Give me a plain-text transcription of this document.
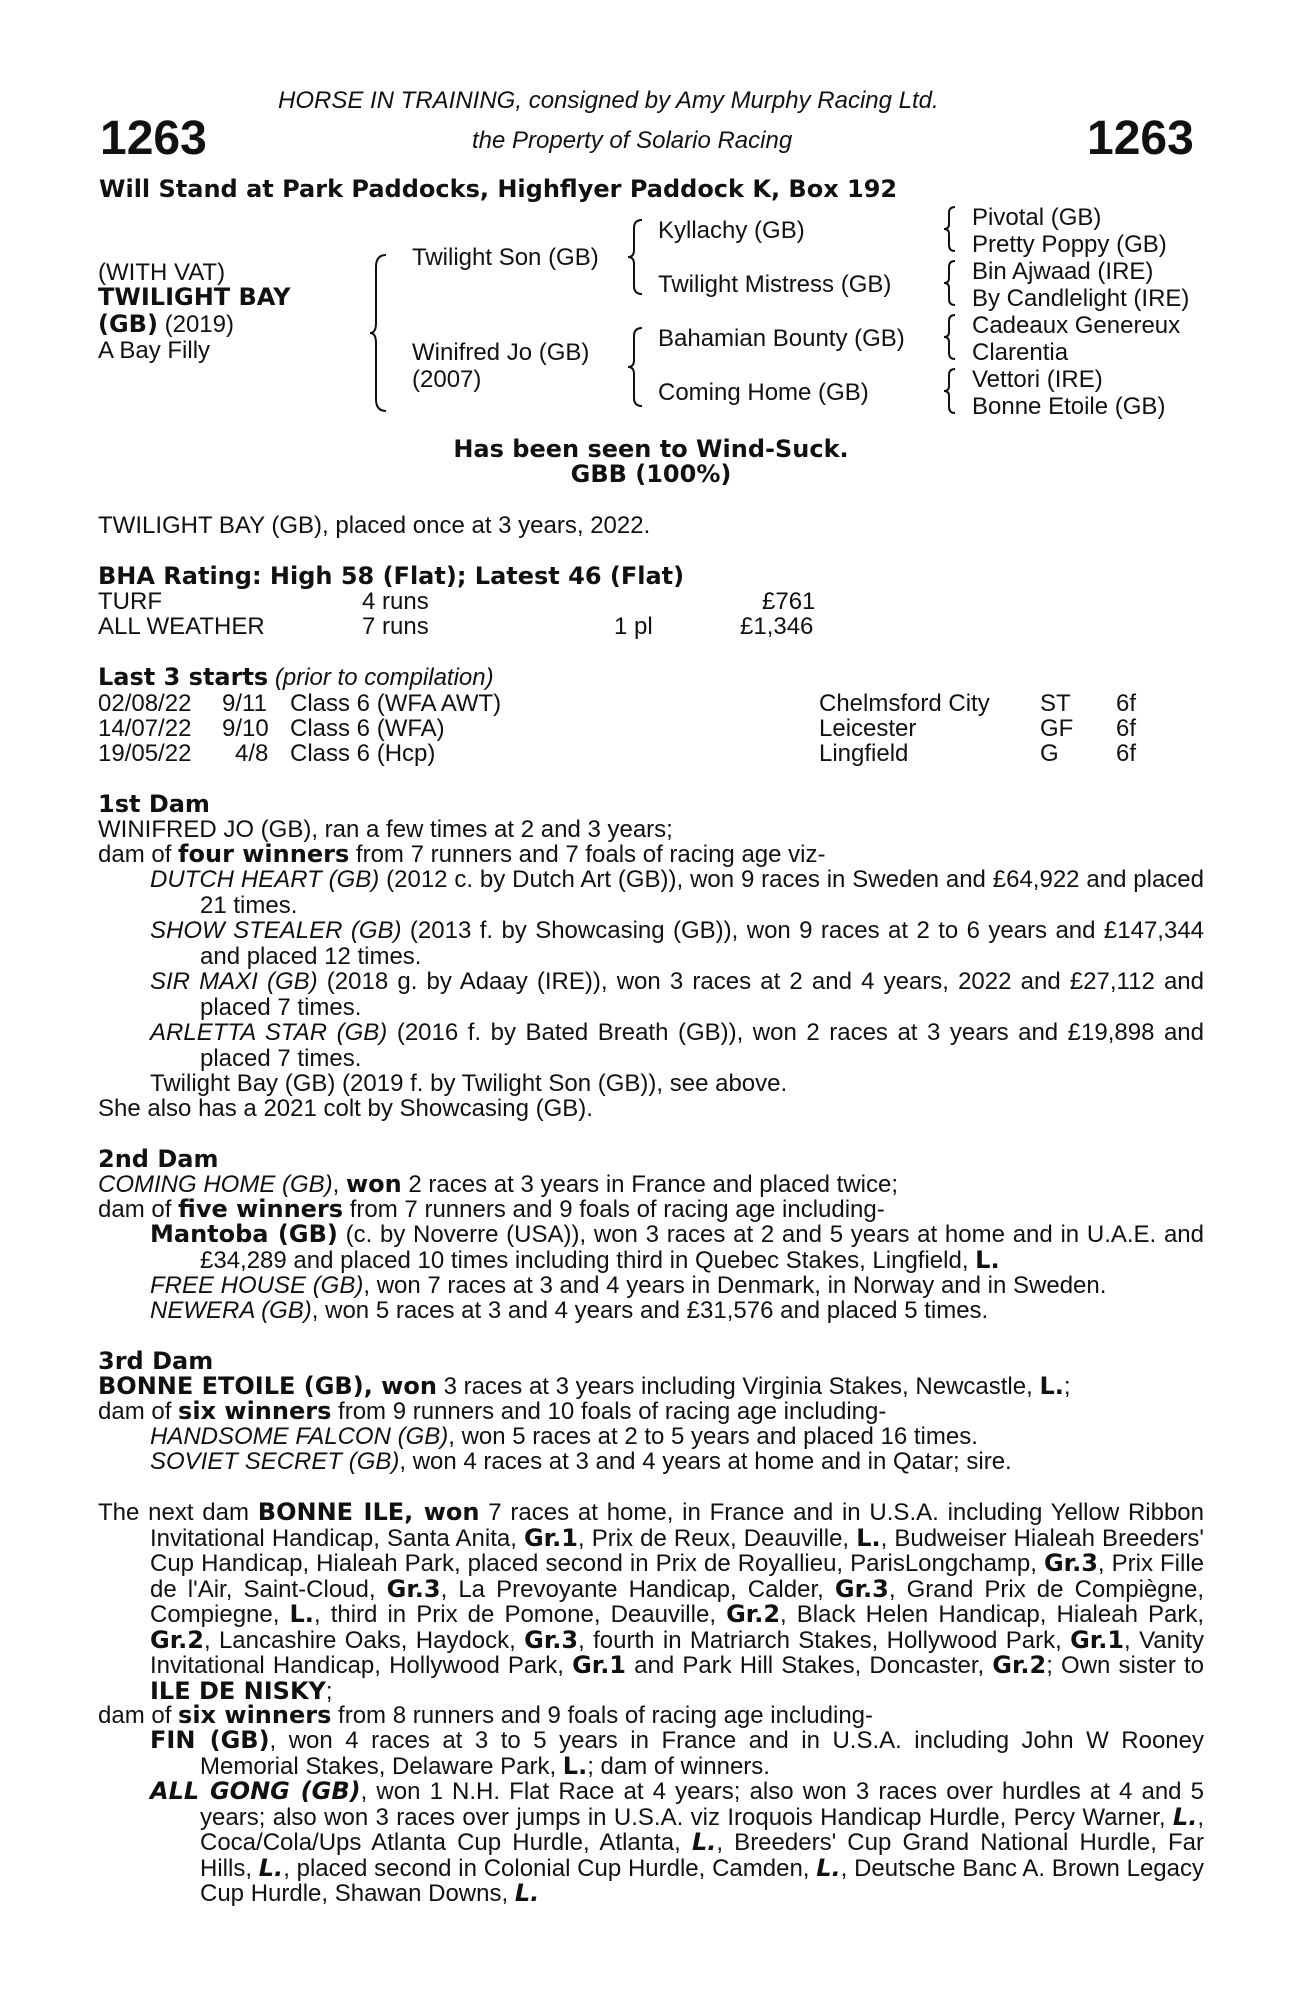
HORSE IN TRAINING, consigned by Amy Murphy Racing Ltd.
the Property of Solario Racing
1263	1263
Will Stand at Park Paddocks, Highflyer Paddock K, Box 192
(WITH VAT)
TWILIGHT BAY
(GB) (2019)
A Bay Filly
Twilight Son (GB)
Winifred Jo (GB)
(2007)
Kyllachy (GB)
Twilight Mistress (GB)
Bahamian Bounty (GB)
Coming Home (GB)
Pivotal (GB)
Pretty Poppy (GB)
Bin Ajwaad (IRE)
By Candlelight (IRE)
Cadeaux Genereux
Clarentia
Vettori (IRE)
Bonne Etoile (GB)
Has been seen to Wind-Suck.
GBB (100%)
TWILIGHT BAY (GB), placed once at 3 years, 2022.
BHA Rating: High 58 (Flat); Latest 46 (Flat)
TURF	4 runs	£761
ALL WEATHER	7 runs	1 pl	£1,346
Last 3 starts (prior to compilation)
02/08/22 9/11 Class 6 (WFA AWT)	Chelmsford City ST 6f
14/07/22 9/10 Class 6 (WFA)	Leicester	GF 6f
19/05/22 4/8 Class 6 (Hcp)	Lingfield	G 6f
1st Dam
WINIFRED JO (GB), ran a few times at 2 and 3 years;
dam of four winners from 7 runners and 7 foals of racing age viz-
DUTCH HEART (GB) (2012 c. by Dutch Art (GB)), won 9 races in Sweden and £64,922 and placed 21 times.
SHOW STEALER (GB) (2013 f. by Showcasing (GB)), won 9 races at 2 to 6 years and £147,344 and placed 12 times.
SIR MAXI (GB) (2018 g. by Adaay (IRE)), won 3 races at 2 and 4 years, 2022 and £27,112 and placed 7 times.
ARLETTA STAR (GB) (2016 f. by Bated Breath (GB)), won 2 races at 3 years and £19,898 and placed 7 times.
Twilight Bay (GB) (2019 f. by Twilight Son (GB)), see above.
She also has a 2021 colt by Showcasing (GB).
2nd Dam
COMING HOME (GB), won 2 races at 3 years in France and placed twice;
dam of five winners from 7 runners and 9 foals of racing age including-
Mantoba (GB) (c. by Noverre (USA)), won 3 races at 2 and 5 years at home and in U.A.E. and £34,289 and placed 10 times including third in Quebec Stakes, Lingfield, L.
FREE HOUSE (GB), won 7 races at 3 and 4 years in Denmark, in Norway and in Sweden.
NEWERA (GB), won 5 races at 3 and 4 years and £31,576 and placed 5 times.
3rd Dam
BONNE ETOILE (GB), won 3 races at 3 years including Virginia Stakes, Newcastle, L.;
dam of six winners from 9 runners and 10 foals of racing age including-
HANDSOME FALCON (GB), won 5 races at 2 to 5 years and placed 16 times.
SOVIET SECRET (GB), won 4 races at 3 and 4 years at home and in Qatar; sire.
The next dam BONNE ILE, won 7 races at home, in France and in U.S.A. including Yellow Ribbon Invitational Handicap, Santa Anita, Gr.1, Prix de Reux, Deauville, L., Budweiser Hialeah Breeders' Cup Handicap, Hialeah Park, placed second in Prix de Royallieu, ParisLongchamp, Gr.3, Prix Fille de l'Air, Saint-Cloud, Gr.3, La Prevoyante Handicap, Calder, Gr.3, Grand Prix de Compiègne, Compiegne, L., third in Prix de Pomone, Deauville, Gr.2, Black Helen Handicap, Hialeah Park, Gr.2, Lancashire Oaks, Haydock, Gr.3, fourth in Matriarch Stakes, Hollywood Park, Gr.1, Vanity Invitational Handicap, Hollywood Park, Gr.1 and Park Hill Stakes, Doncaster, Gr.2; Own sister to ILE DE NISKY;
dam of six winners from 8 runners and 9 foals of racing age including-
FIN (GB), won 4 races at 3 to 5 years in France and in U.S.A. including John W Rooney Memorial Stakes, Delaware Park, L.; dam of winners.
ALL GONG (GB), won 1 N.H. Flat Race at 4 years; also won 3 races over hurdles at 4 and 5 years; also won 3 races over jumps in U.S.A. viz Iroquois Handicap Hurdle, Percy Warner, L., Coca/Cola/Ups Atlanta Cup Hurdle, Atlanta, L., Breeders' Cup Grand National Hurdle, Far Hills, L., placed second in Colonial Cup Hurdle, Camden, L., Deutsche Banc A. Brown Legacy Cup Hurdle, Shawan Downs, L.
